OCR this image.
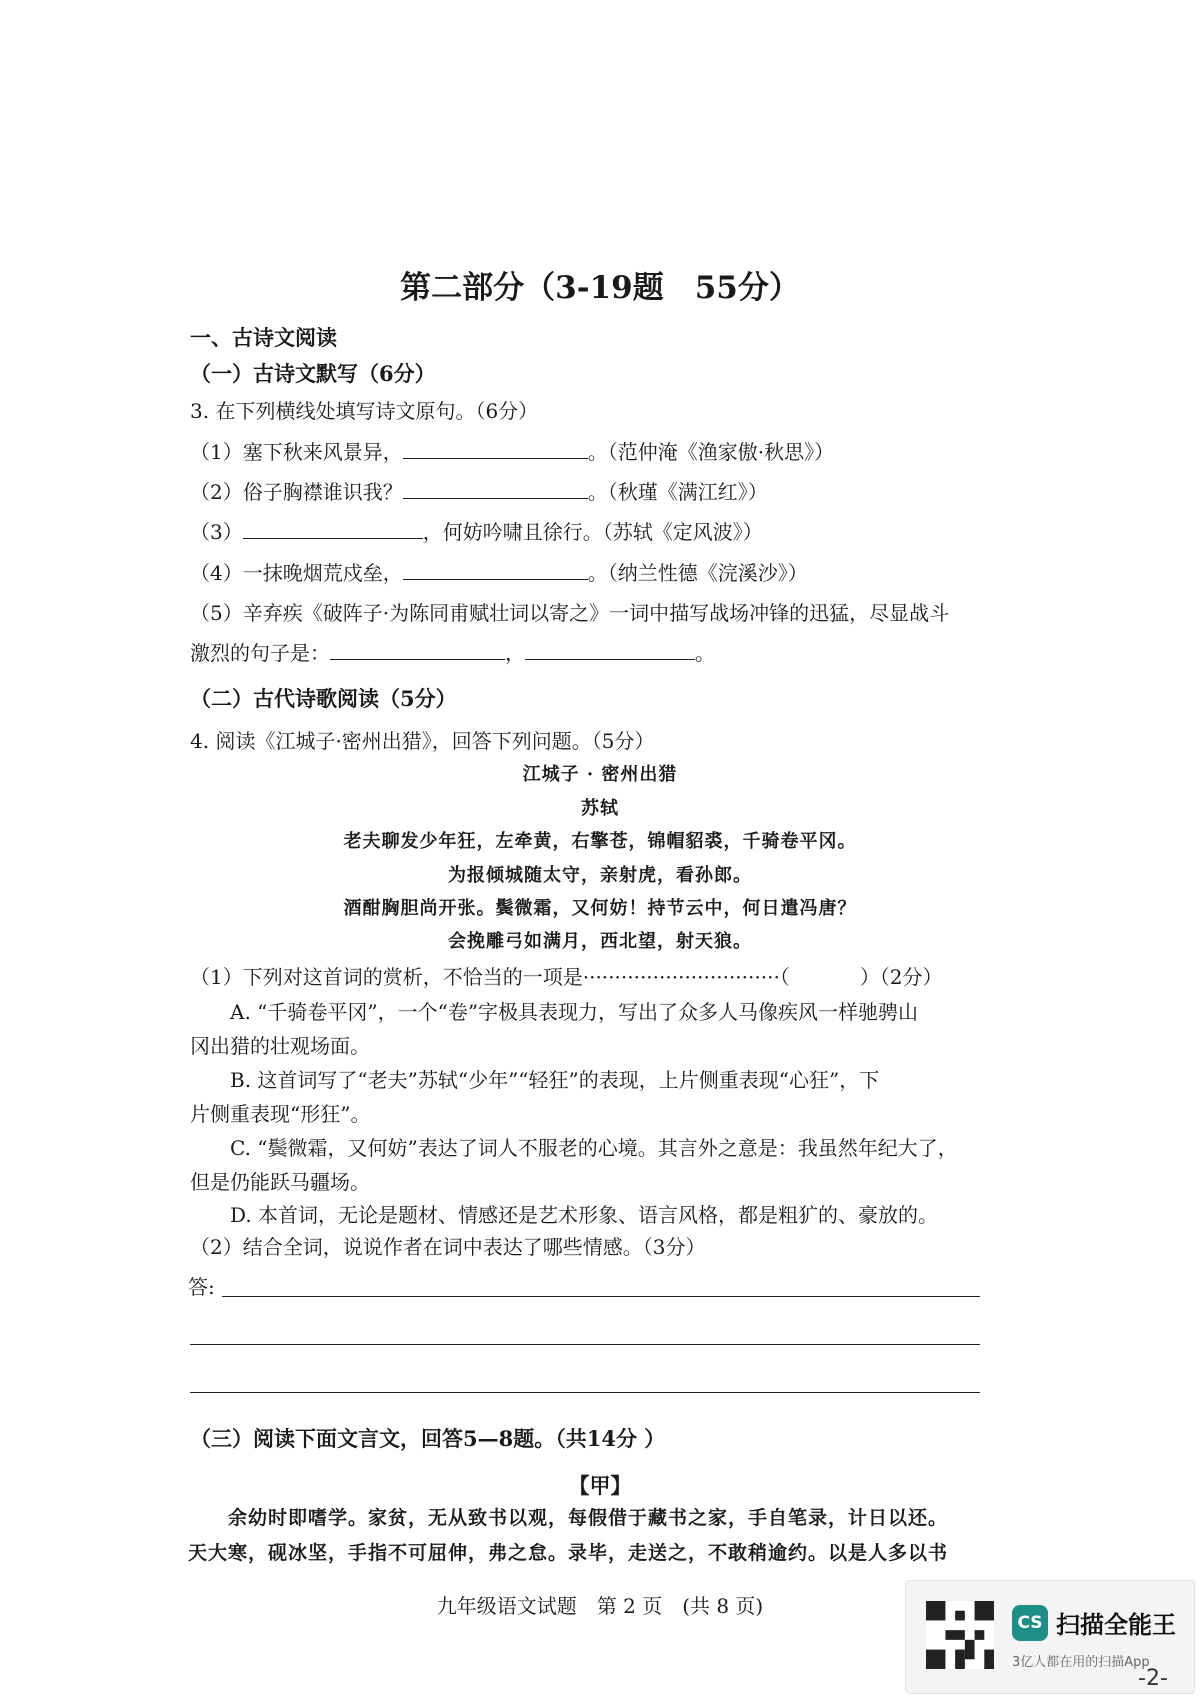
第二部分（3-19题　55分）
一、古诗文阅读
（一）古诗文默写（6分）
3. 在下列横线处填写诗文原句。（6分）
（1）塞下秋来风景异，	。（范仲淹《渔家傲·秋思》）
（2）俗子胸襟谁识我？	。（秋瑾《满江红》）
（3）	，何妨吟啸且徐行。（苏轼《定风波》）
（4）一抹晚烟荒戍垒，	。（纳兰性德《浣溪沙》）
（5）辛弃疾《破阵子·为陈同甫赋壮词以寄之》一词中描写战场冲锋的迅猛，尽显战斗
激烈的句子是：	，	。
（二）古代诗歌阅读（5分）
4. 阅读《江城子·密州出猎》，回答下列问题。（5分）
江城子 · 密州出猎
苏轼
老夫聊发少年狂，左牵黄，右擎苍，锦帽貂裘，千骑卷平冈。
为报倾城随太守，亲射虎，看孙郎。
酒酣胸胆尚开张。鬓微霜，又何妨！持节云中，何日遣冯唐？
会挽雕弓如满月，西北望，射天狼。
（1）下列对这首词的赏析，不恰当的一项是·······························（	）（2分）
A. “千骑卷平冈”，一个“卷”字极具表现力，写出了众多人马像疾风一样驰骋山
冈出猎的壮观场面。
B. 这首词写了“老夫”苏轼“少年”“轻狂”的表现，上片侧重表现“心狂”，下
片侧重表现“形狂”。
C. “鬓微霜，又何妨”表达了词人不服老的心境。其言外之意是：我虽然年纪大了，
但是仍能跃马疆场。
D. 本首词，无论是题材、情感还是艺术形象、语言风格，都是粗犷的、豪放的。
（2）结合全词，说说作者在词中表达了哪些情感。（3分）
答:
（三）阅读下面文言文，回答5—8题。（共14分 ）
【甲】
余幼时即嗜学。家贫，无从致书以观，每假借于藏书之家，手自笔录，计日以还。
天大寒，砚冰坚，手指不可屈伸，弗之怠。录毕，走送之，不敢稍逾约。以是人多以书
九年级语文试题　第 2 页　(共 8 页)
CS 扫描全能王
3亿人都在用的扫描App
-2-
